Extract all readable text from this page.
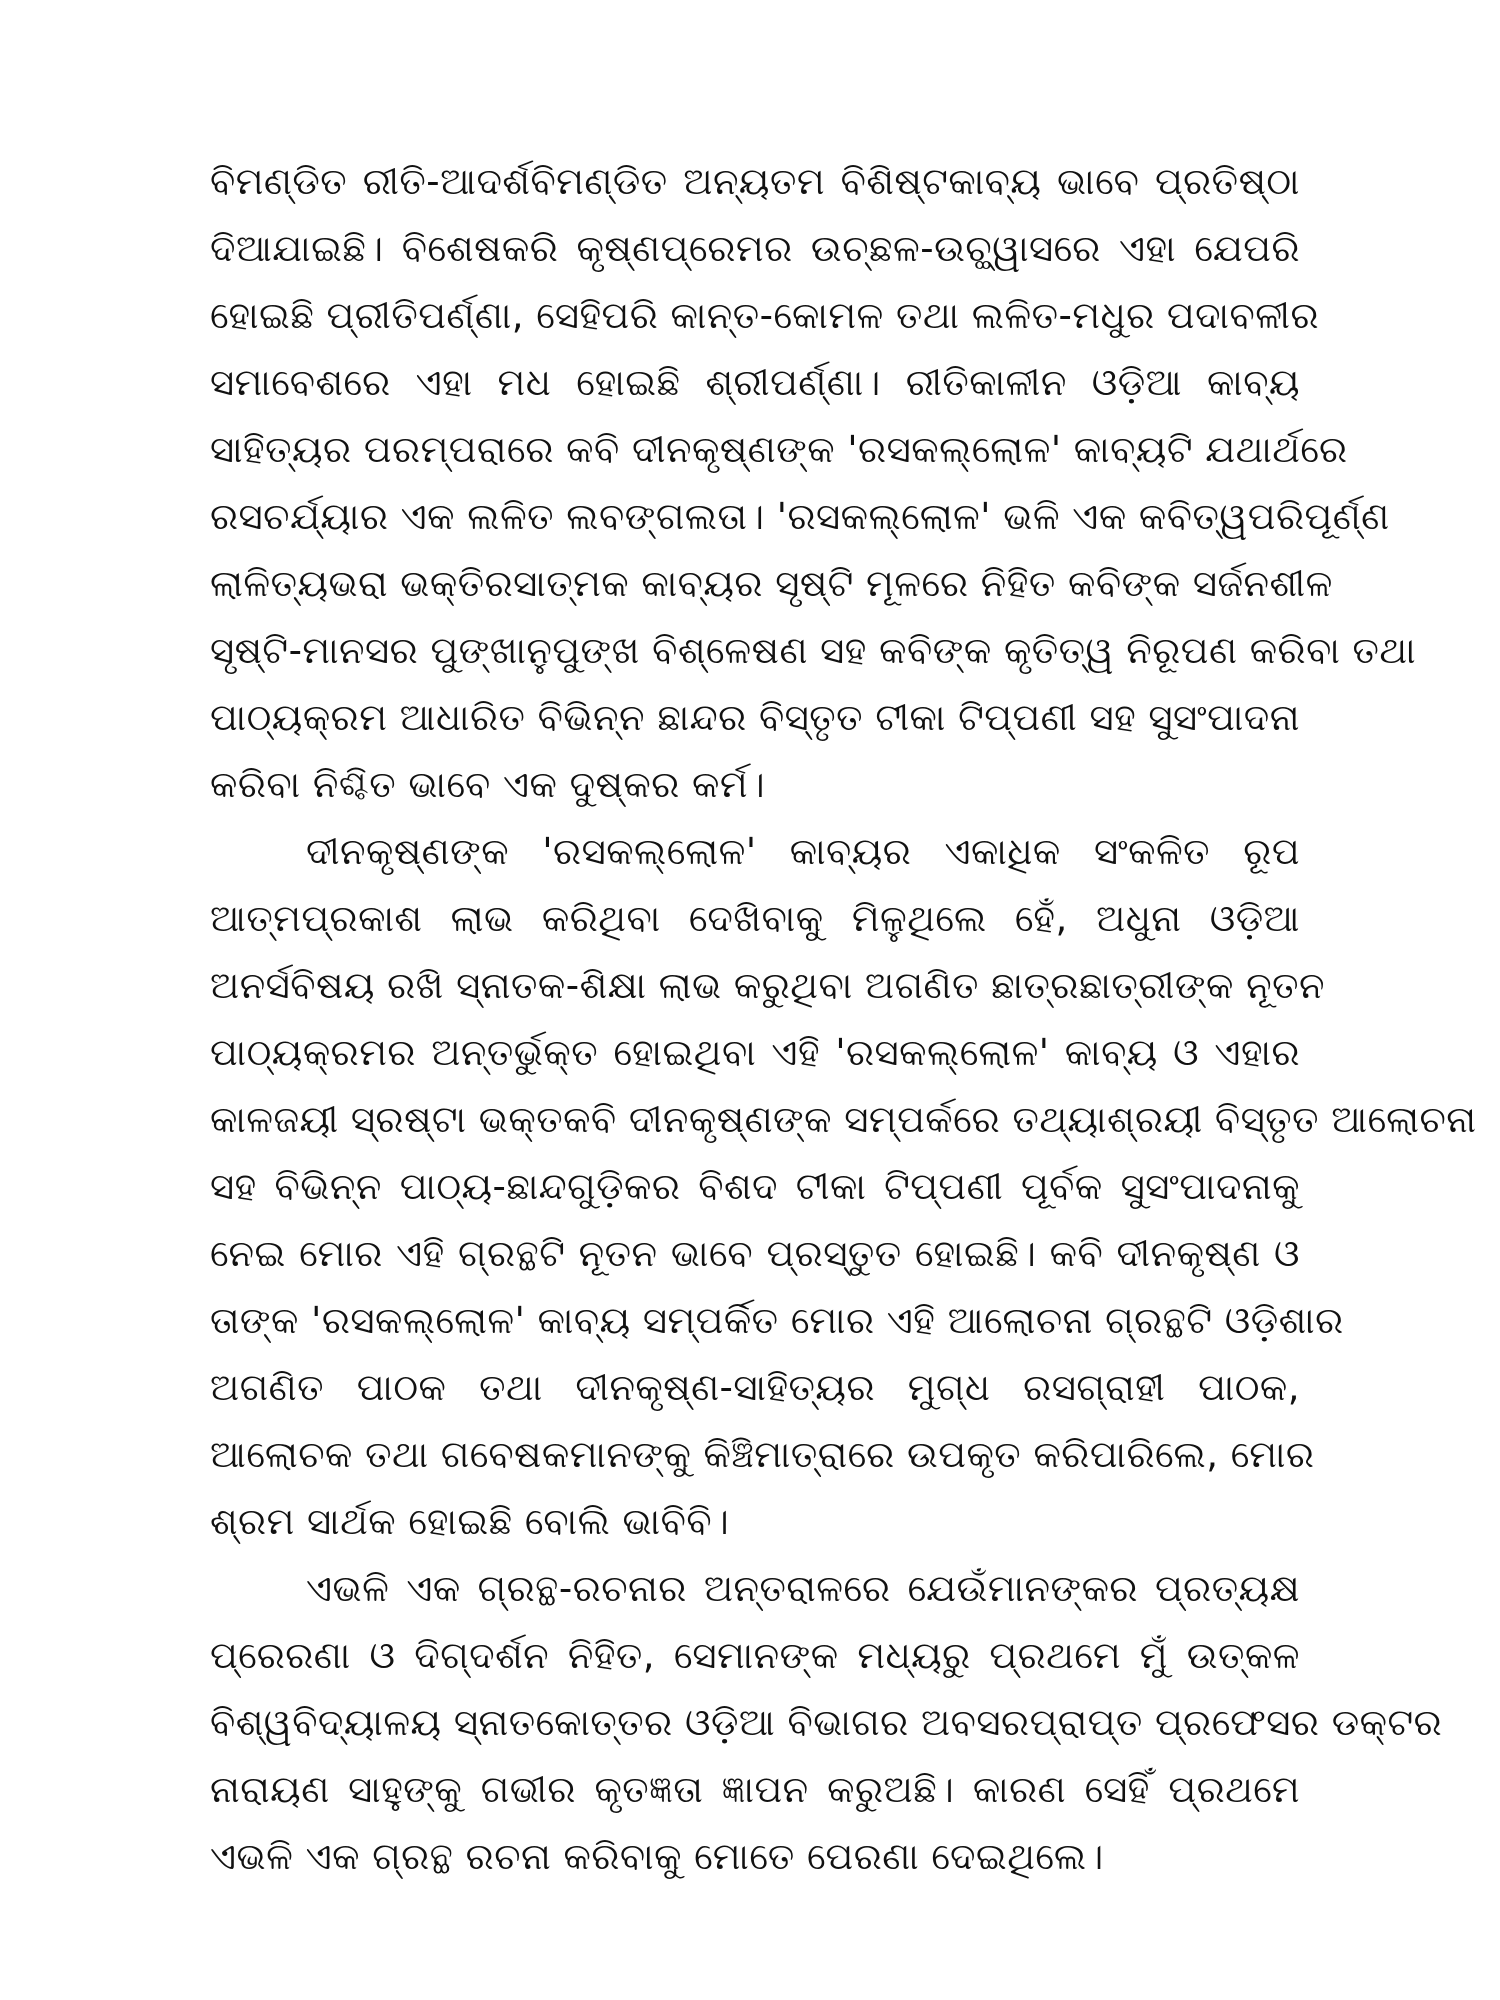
ବିମଣ୍ଡିତ ରୀତି-ଆଦର୍ଶବିମଣ୍ଡିତ ଅନ୍ୟତମ ବିଶିଷ୍ଟକାବ୍ୟ ଭାବେ ପ୍ରତିଷ୍ଠା
ଦିଆଯାଇଛି। ବିଶେଷକରି କୃଷ୍ଣପ୍ରେମର ଉଚ୍ଛଳ-ଉଚ୍ଛ୍ୱାସରେ ଏହା ଯେପରି
ହୋଇଛି ପ୍ରୀତିପର୍ଣ୍ଣା, ସେହିପରି କାନ୍ତ-କୋମଳ ତଥା ଲଳିତ-ମଧୁର ପଦାବଳୀର
ସମାବେଶରେ ଏହା ମଧ ହୋଇଛି ଶ୍ରୀପର୍ଣ୍ଣା। ରୀତିକାଳୀନ ଓଡ଼ିଆ କାବ୍ୟ
ସାହିତ୍ୟର ପରମ୍ପରାରେ କବି ଦୀନକୃଷ୍ଣଙ୍କ 'ରସକଲ୍ଲୋଳ' କାବ୍ୟଟି ଯଥାର୍ଥରେ
ରସଚର୍ଯ୍ୟାର ଏକ ଲଳିତ ଲବଙ୍ଗଲତା। 'ରସକଲ୍ଲୋଳ' ଭଳି ଏକ କବିତ୍ୱପରିପୂର୍ଣ୍ଣ
ଲାଳିତ୍ୟଭରା ଭକ୍ତିରସାତ୍ମକ କାବ୍ୟର ସୃଷ୍ଟି ମୂଳରେ ନିହିତ କବିଙ୍କ ସର୍ଜନଶୀଳ
ସୃଷ୍ଟି-ମାନସର ପୁଙ୍ଖାନୁପୁଙ୍ଖ ବିଶ୍ଳେଷଣ ସହ କବିଙ୍କ କୃତିତ୍ୱ ନିରୂପଣ କରିବା ତଥା
ପାଠ୍ୟକ୍ରମ ଆଧାରିତ ବିଭିନ୍ନ ଛାନ୍ଦର ବିସ୍ତୃତ ଟୀକା ଟିପ୍ପଣୀ ସହ ସୁସଂପାଦନା
କରିବା ନିଶ୍ଚିତ ଭାବେ ଏକ ଦୁଷ୍କର କର୍ମ।
ଦୀନକୃଷ୍ଣଙ୍କ 'ରସକଲ୍ଲୋଳ' କାବ୍ୟର ଏକାଧିକ ସଂକଳିତ ରୂପ
ଆତ୍ମପ୍ରକାଶ ଲାଭ କରିଥିବା ଦେଖିବାକୁ ମିଳୁଥିଲେ ହେଁ, ଅଧୁନା ଓଡ଼ିଆ
ଅନର୍ସବିଷୟ ରଖି ସ୍ନାତକ-ଶିକ୍ଷା ଲାଭ କରୁଥିବା ଅଗଣିତ ଛାତ୍ରଛାତ୍ରୀଙ୍କ ନୂତନ
ପାଠ୍ୟକ୍ରମର ଅନ୍ତର୍ଭୁକ୍ତ ହୋଇଥିବା ଏହି 'ରସକଲ୍ଲୋଳ' କାବ୍ୟ ଓ ଏହାର
କାଳଜୟୀ ସ୍ରଷ୍ଟା ଭକ୍ତକବି ଦୀନକୃଷ୍ଣଙ୍କ ସମ୍ପର୍କରେ ତଥ୍ୟାଶ୍ରୟୀ ବିସ୍ତୃତ ଆଲୋଚନା
ସହ ବିଭିନ୍ନ ପାଠ୍ୟ-ଛାନ୍ଦଗୁଡ଼ିକର ବିଶଦ ଟୀକା ଟିପ୍ପଣୀ ପୂର୍ବକ ସୁସଂପାଦନାକୁ
ନେଇ ମୋର ଏହି ଗ୍ରନ୍ଥଟି ନୂତନ ଭାବେ ପ୍ରସ୍ତୁତ ହୋଇଛି। କବି ଦୀନକୃଷ୍ଣ ଓ
ତାଙ୍କ 'ରସକଲ୍ଲୋଳ' କାବ୍ୟ ସମ୍ପର୍କିତ ମୋର ଏହି ଆଲୋଚନା ଗ୍ରନ୍ଥଟି ଓଡ଼ିଶାର
ଅଗଣିତ ପାଠକ ତଥା ଦୀନକୃଷ୍ଣ-ସାହିତ୍ୟର ମୁଗ୍ଧ ରସଗ୍ରାହୀ ପାଠକ,
ଆଲୋଚକ ତଥା ଗବେଷକମାନଙ୍କୁ କିଞ୍ଚିମାତ୍ରାରେ ଉପକୃତ କରିପାରିଲେ, ମୋର
ଶ୍ରମ ସାର୍ଥକ ହୋଇଛି ବୋଲି ଭାବିବି।
ଏଭଳି ଏକ ଗ୍ରନ୍ଥ-ରଚନାର ଅନ୍ତରାଳରେ ଯେଉଁମାନଙ୍କର ପ୍ରତ୍ୟକ୍ଷ
ପ୍ରେରଣା ଓ ଦିଗ୍‌ଦର୍ଶନ ନିହିତ, ସେମାନଙ୍କ ମଧ୍ୟରୁ ପ୍ରଥମେ ମୁଁ ଉତ୍କଳ
ବିଶ୍ୱବିଦ୍ୟାଳୟ ସ୍ନାତକୋତ୍ତର ଓଡ଼ିଆ ବିଭାଗର ଅବସରପ୍ରାପ୍ତ ପ୍ରଫେସର ଡକ୍ଟର
ନାରାୟଣ ସାହୁଙ୍କୁ ଗଭୀର କୃତଜ୍ଞତା ଜ୍ଞାପନ କରୁଅଛି। କାରଣ ସେହିଁ ପ୍ରଥମେ
ଏଭଳି ଏକ ଗ୍ରନ୍ଥ ରଚନା କରିବାକୁ ମୋତେ ପେରଣା ଦେଇଥିଲେ।
